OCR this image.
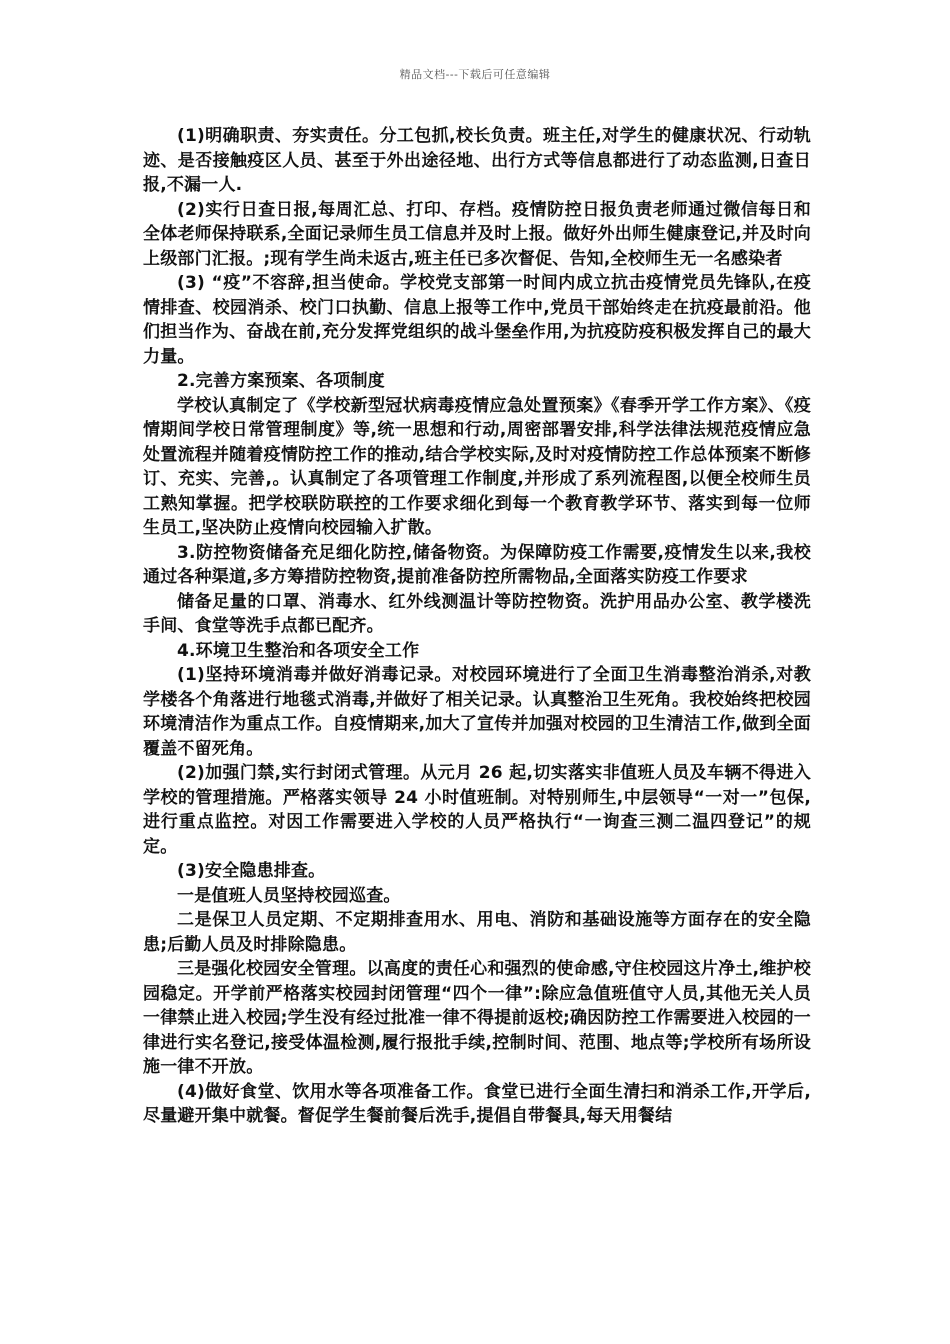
精品文档---下载后可任意编辑

(1)明确职责、夯实责任。分工包抓,校长负责。班主任,对学生的健康状况、行动轨迹、是否接触疫区人员、甚至于外出途径地、出行方式等信息都进行了动态监测,日查日报,不漏一人.

(2)实行日查日报,每周汇总、打印、存档。疫情防控日报负责老师通过微信每日和全体老师保持联系,全面记录师生员工信息并及时上报。做好外出师生健康登记,并及时向上级部门汇报。;现有学生尚未返古,班主任已多次督促、告知,全校师生无一名感染者

(3) “疫”不容辞,担当使命。学校党支部第一时间内成立抗击疫情党员先锋队,在疫情排查、校园消杀、校门口执勤、信息上报等工作中,党员干部始终走在抗疫最前沿。他们担当作为、奋战在前,充分发挥党组织的战斗堡垒作用,为抗疫防疫积极发挥自己的最大力量。

2.完善方案预案、各项制度

学校认真制定了《学校新型冠状病毒疫情应急处置预案》《春季开学工作方案》、《疫情期间学校日常管理制度》等,统一思想和行动,周密部署安排,科学法律法规范疫情应急处置流程并随着疫情防控工作的推动,结合学校实际,及时对疫情防控工作总体预案不断修订、充实、完善,。认真制定了各项管理工作制度,并形成了系列流程图,以便全校师生员工熟知掌握。把学校联防联控的工作要求细化到每一个教育教学环节、落实到每一位师生员工,坚决防止疫情向校园输入扩散。

3.防控物资储备充足细化防控,储备物资。为保障防疫工作需要,疫情发生以来,我校通过各种渠道,多方筹措防控物资,提前准备防控所需物品,全面落实防疫工作要求

储备足量的口罩、消毒水、红外线测温计等防控物资。洗护用品办公室、教学楼洗手间、食堂等洗手点都已配齐。

4.环境卫生整治和各项安全工作

(1)坚持环境消毒并做好消毒记录。对校园环境进行了全面卫生消毒整治消杀,对教学楼各个角落进行地毯式消毒,并做好了相关记录。认真整治卫生死角。我校始终把校园环境清洁作为重点工作。自疫情期来,加大了宣传并加强对校园的卫生清洁工作,做到全面覆盖不留死角。

(2)加强门禁,实行封闭式管理。从元月 26 起,切实落实非值班人员及车辆不得进入学校的管理措施。严格落实领导 24 小时值班制。对特别师生,中层领导“一对一”包保,进行重点监控。对因工作需要进入学校的人员严格执行“一询查三测二温四登记”的规定。

(3)安全隐患排查。

一是值班人员坚持校园巡查。

二是保卫人员定期、不定期排查用水、用电、消防和基础设施等方面存在的安全隐患;后勤人员及时排除隐患。

三是强化校园安全管理。以高度的责任心和强烈的使命感,守住校园这片净土,维护校园稳定。开学前严格落实校园封闭管理“四个一律”:除应急值班值守人员,其他无关人员一律禁止进入校园;学生没有经过批准一律不得提前返校;确因防控工作需要进入校园的一律进行实名登记,接受体温检测,履行报批手续,控制时间、范围、地点等;学校所有场所设施一律不开放。

(4)做好食堂、饮用水等各项准备工作。食堂已进行全面生清扫和消杀工作,开学后,尽量避开集中就餐。督促学生餐前餐后洗手,提倡自带餐具,每天用餐结
